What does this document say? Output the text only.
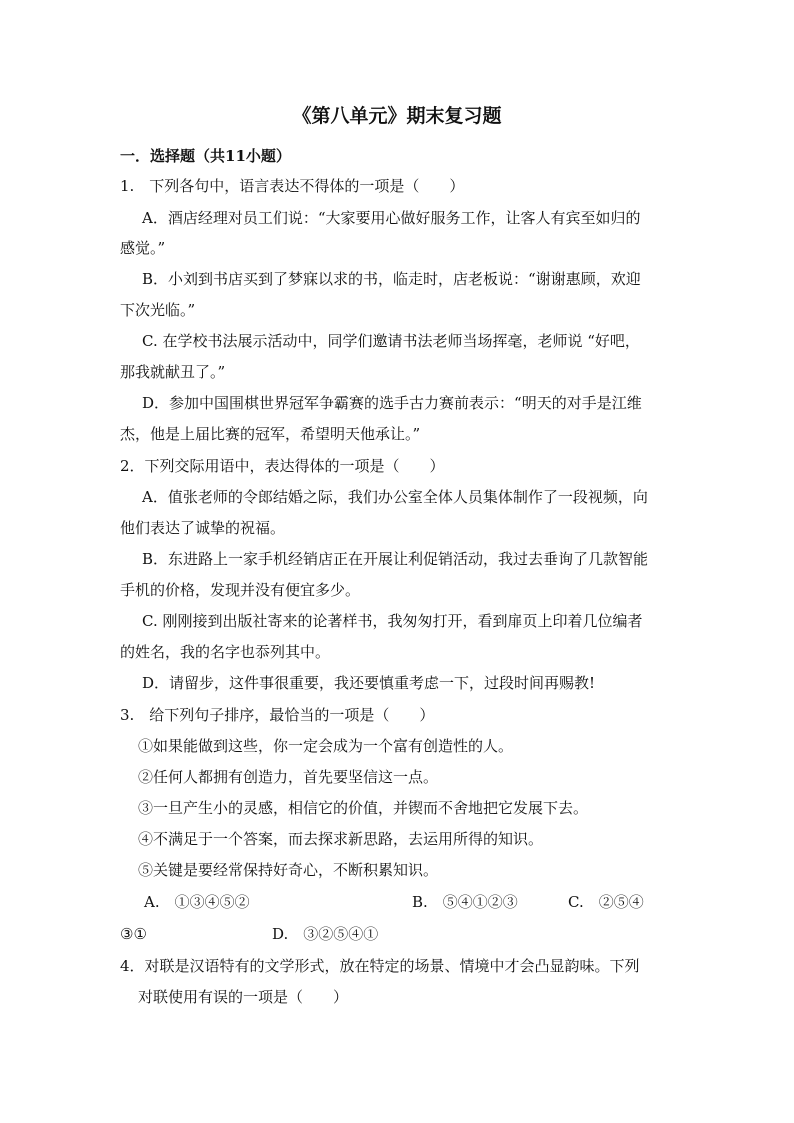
《第八单元》期末复习题
一．选择题（共11小题）
1.　下列各句中，语言表达不得体的一项是（　　）
A．酒店经理对员工们说：“大家要用心做好服务工作，让客人有宾至如归的
感觉。”
B．小刘到书店买到了梦寐以求的书，临走时，店老板说：“谢谢惠顾，欢迎
下次光临。”
C. 在学校书法展示活动中，同学们邀请书法老师当场挥毫，老师说 “好吧，
那我就献丑了。”
D．参加中国围棋世界冠军争霸赛的选手古力赛前表示：“明天的对手是江维
杰，他是上届比赛的冠军，希望明天他承让。”
2．下列交际用语中，表达得体的一项是（　　）
A．值张老师的令郎结婚之际，我们办公室全体人员集体制作了一段视频，向
他们表达了诚挚的祝福。
B．东进路上一家手机经销店正在开展让利促销活动，我过去垂询了几款智能
手机的价格，发现并没有便宜多少。
C. 刚刚接到出版社寄来的论著样书，我匆匆打开，看到扉页上印着几位编者
的姓名，我的名字也忝列其中。
D．请留步，这件事很重要，我还要慎重考虑一下，过段时间再赐教!
3.　给下列句子排序，最恰当的一项是（　　）
①如果能做到这些，你一定会成为一个富有创造性的人。
②任何人都拥有创造力，首先要坚信这一点。
③一旦产生小的灵感，相信它的价值，并锲而不舍地把它发展下去。
④不满足于一个答案，而去探求新思路，去运用所得的知识。
⑤关键是要经常保持好奇心，不断积累知识。
A.　①③④⑤②	B.　⑤④①②③	C.　②⑤④
③①	D.　③②⑤④①
4．对联是汉语特有的文学形式，放在特定的场景、情境中才会凸显韵味。下列
对联使用有误的一项是（　　）
